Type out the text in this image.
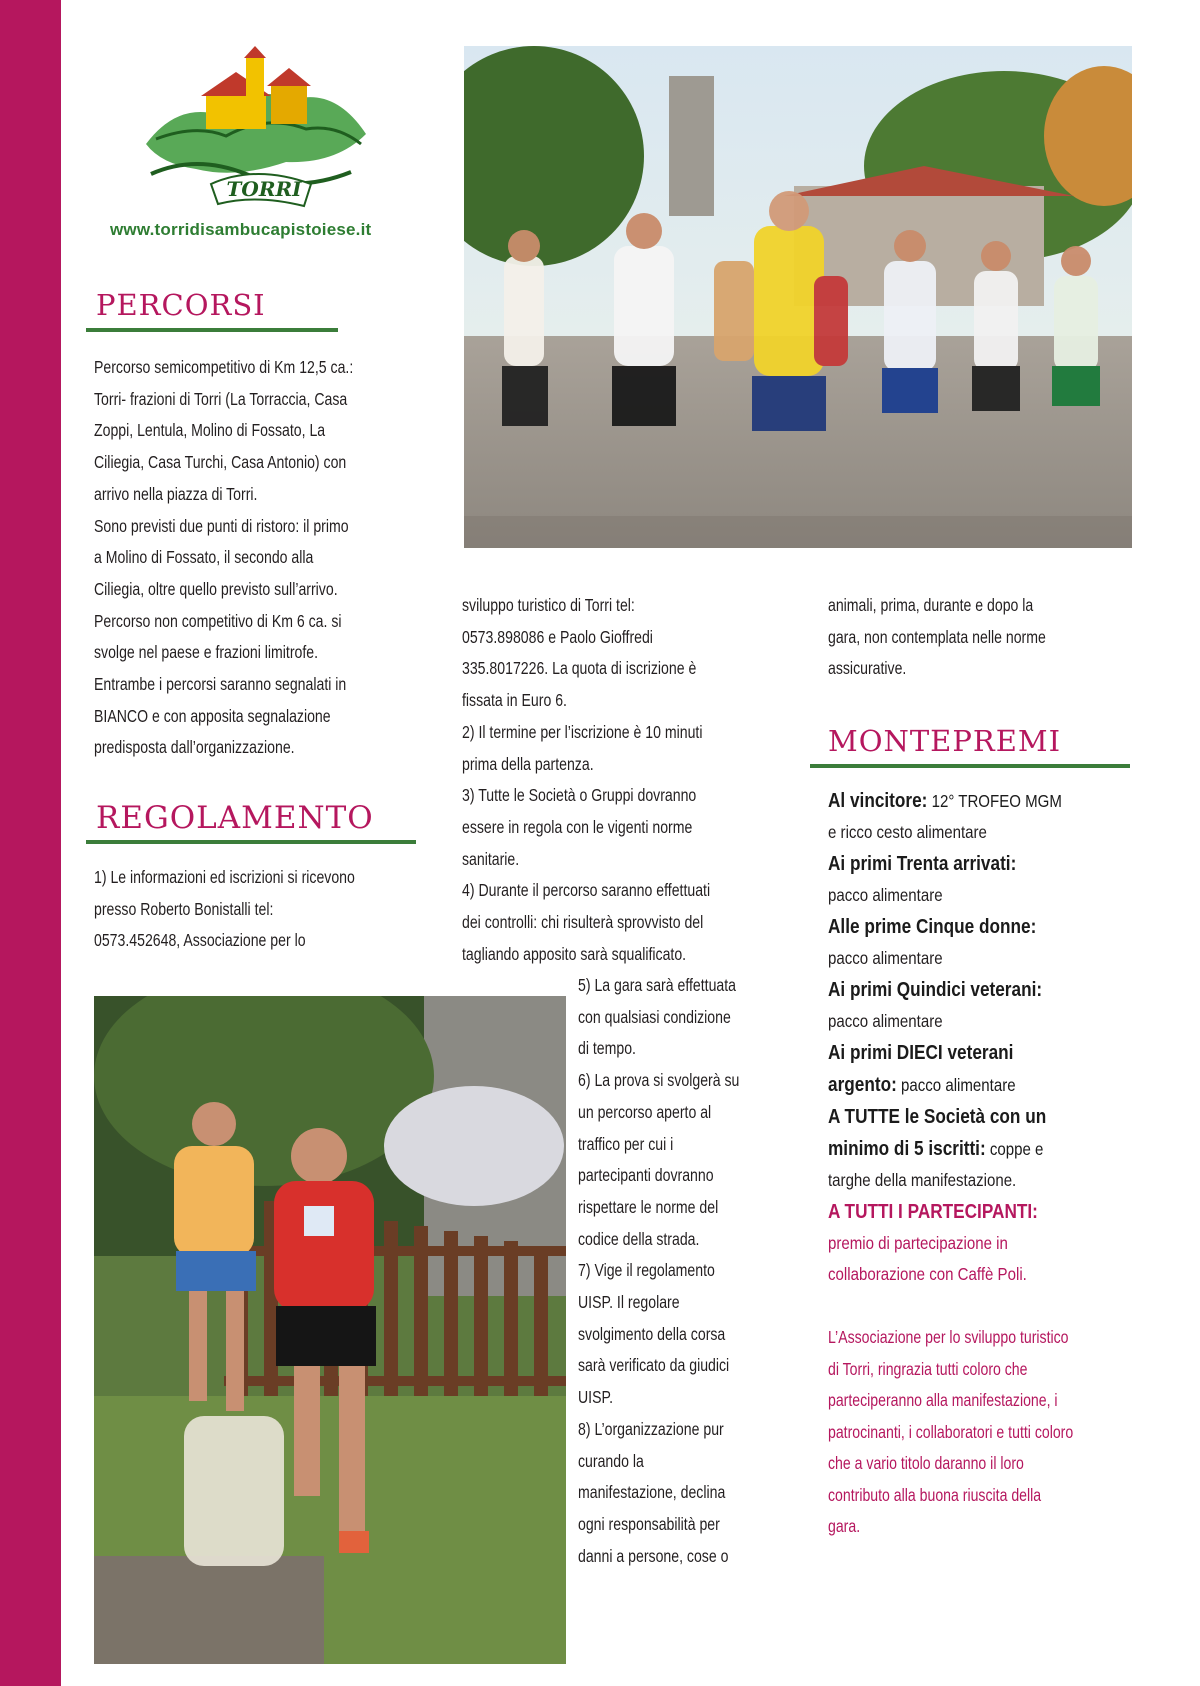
TORRI
www.torridisambucapistoiese.it
PERCORSI

Percorso semicompetitivo di Km 12,5 ca.:

Torri- frazioni di Torri (La Torraccia, Casa

Zoppi, Lentula, Molino di Fossato, La

Ciliegia, Casa Turchi, Casa Antonio) con

arrivo nella piazza di Torri.

Sono previsti due punti di ristoro: il primo

a Molino di Fossato, il secondo alla

Ciliegia, oltre quello previsto sull’arrivo.

Percorso non competitivo di Km 6 ca. si

svolge nel paese e frazioni limitrofe.

Entrambe i percorsi saranno segnalati in

BIANCO e con apposita segnalazione

predisposta dall’organizzazione.

REGOLAMENTO

1) Le informazioni ed iscrizioni si ricevono

presso Roberto Bonistalli tel:

0573.452648, Associazione per lo

sviluppo turistico di Torri tel:

0573.898086 e Paolo Gioffredi

335.8017226. La quota di iscrizione è

fissata in Euro 6.

2) Il termine per l’iscrizione è 10 minuti

prima della partenza.

3) Tutte le Società o Gruppi dovranno

essere in regola con le vigenti norme

sanitarie.

4) Durante il percorso saranno effettuati

dei controlli: chi risulterà sprovvisto del

tagliando apposito sarà squalificato.

5) La gara sarà effettuata

con qualsiasi condizione

di tempo.

6) La prova si svolgerà su

un percorso aperto al

traffico per cui i

partecipanti dovranno

rispettare le norme del

codice della strada.

7) Vige il regolamento

UISP. Il regolare

svolgimento della corsa

sarà verificato da giudici

UISP.

8) L’organizzazione pur

curando la

manifestazione, declina

ogni responsabilità per

danni a persone, cose o

animali, prima, durante e dopo la

gara, non contemplata nelle norme

assicurative.

MONTEPREMI
Al vincitore: 12° TROFEO MGM
e ricco cesto alimentare
Ai primi Trenta arrivati:
pacco alimentare
Alle prime Cinque donne:
pacco alimentare
Ai primi Quindici veterani:
pacco alimentare
Ai primi DIECI veterani
argento: pacco alimentare
A TUTTE le Società con un
minimo di 5 iscritti: coppe e
targhe della manifestazione.
A TUTTI I PARTECIPANTI:
premio di partecipazione in
collaborazione con Caffè Poli.

L’Associazione per lo sviluppo turistico

di Torri, ringrazia tutti coloro che

parteciperanno alla manifestazione, i

patrocinanti, i collaboratori e tutti coloro

che a vario titolo daranno il loro

contributo alla buona riuscita della

gara.
